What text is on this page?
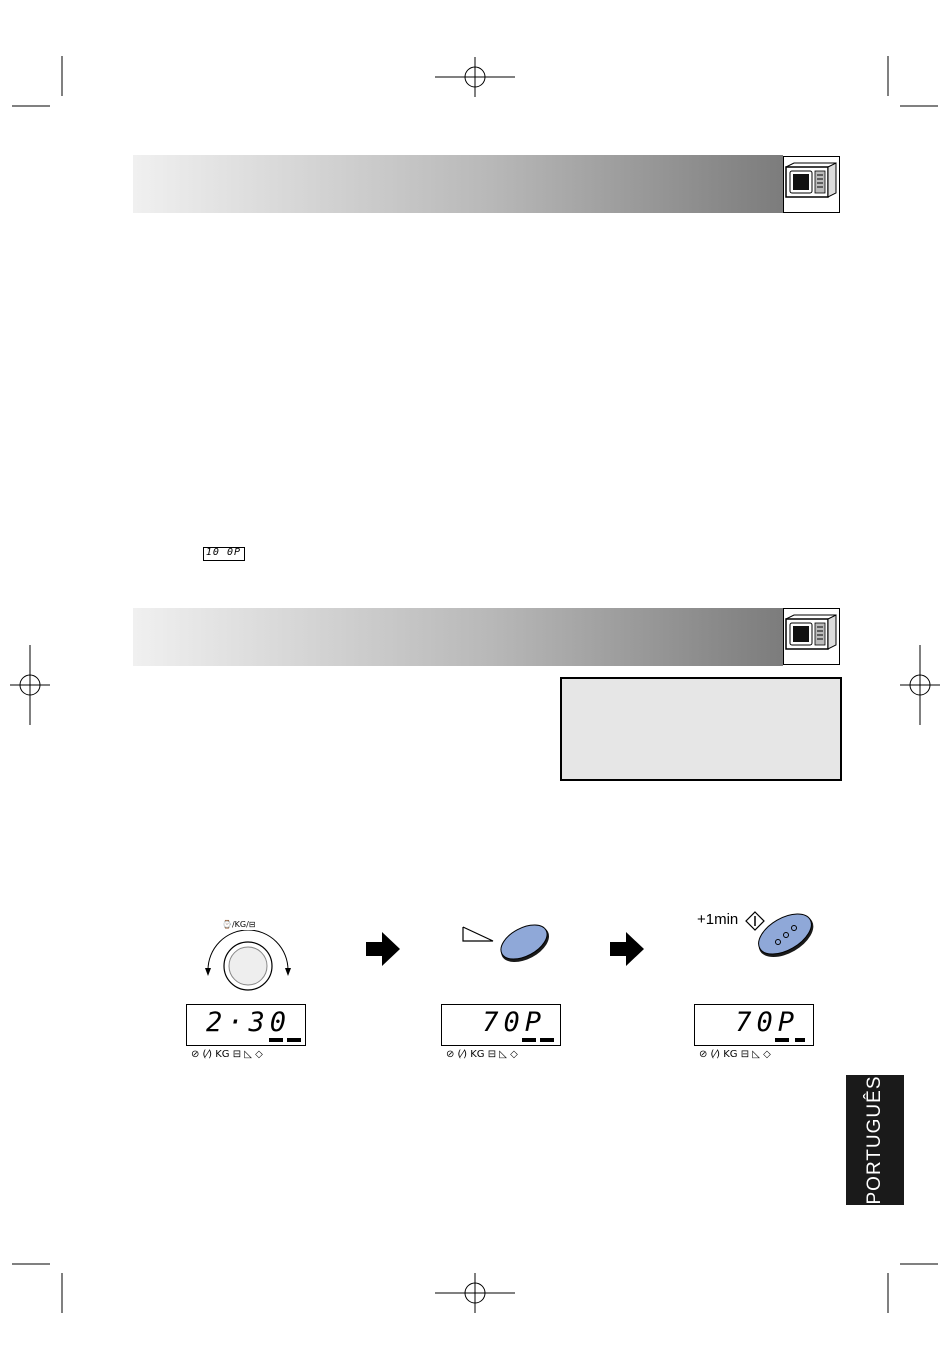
10 0P
⌚/KG/⊟	+1min
2·30
⊘ (⁄) KG ⊟ ◺ ◇
70P
⊘ (⁄) KG ⊟ ◺ ◇
70P
⊘ (⁄) KG ⊟ ◺ ◇
PORTUGUÊS
